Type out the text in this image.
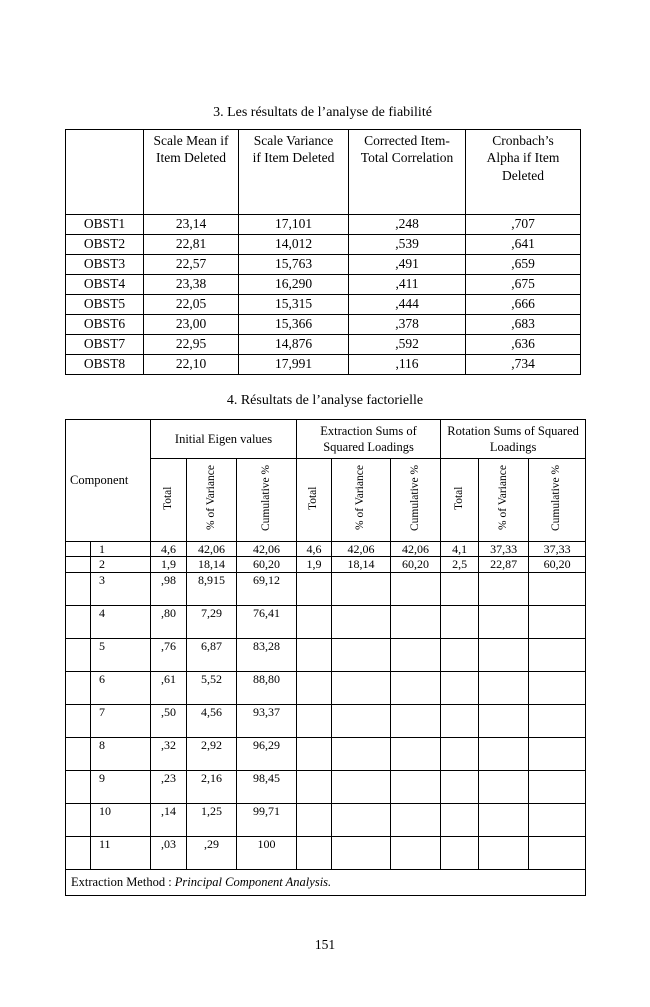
3. Les résultats de l’analyse de fiabilité
	Scale Mean if Item Deleted	Scale Variance if Item Deleted	Corrected Item-Total Correlation	Cronbach’s Alpha if Item Deleted
OBST1	23,14	17,101	,248	,707
OBST2	22,81	14,012	,539	,641
OBST3	22,57	15,763	,491	,659
OBST4	23,38	16,290	,411	,675
OBST5	22,05	15,315	,444	,666
OBST6	23,00	15,366	,378	,683
OBST7	22,95	14,876	,592	,636
OBST8	22,10	17,991	,116	,734
4. Résultats de l’analyse factorielle
Component		Initial Eigen values			Extraction Sums of Squared Loadings			Rotation Sums of Squared Loadings		
		Total	% of Variance	Cumulative %	Total	% of Variance	Cumulative %	Total	% of Variance	Cumulative %
	1	4,6	42,06	42,06	4,6	42,06	42,06	4,1	37,33	37,33
	2	1,9	18,14	60,20	1,9	18,14	60,20	2,5	22,87	60,20
	3	,98	8,915	69,12						
	4	,80	7,29	76,41						
	5	,76	6,87	83,28						
	6	,61	5,52	88,80						
	7	,50	4,56	93,37						
	8	,32	2,92	96,29						
	9	,23	2,16	98,45						
	10	,14	1,25	99,71						
	11	,03	,29	100						
Extraction Method : Principal Component Analysis.										
151
